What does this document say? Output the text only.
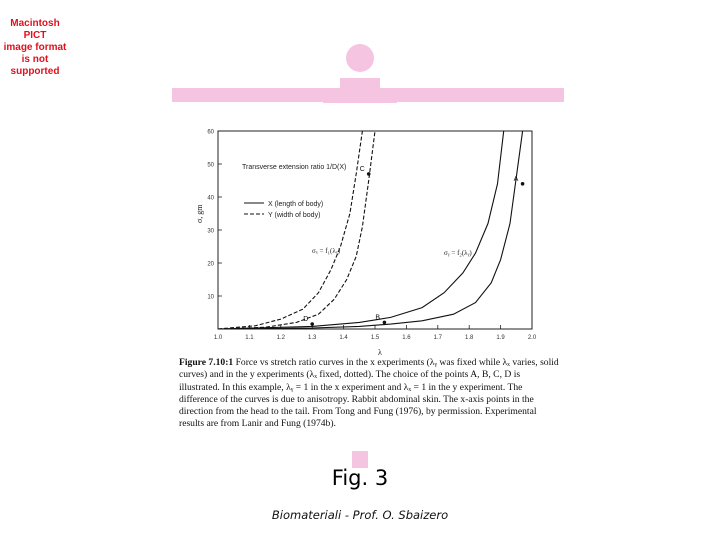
Macintosh PICT
image format
is not supported
10
20
30
40
50
60
1.0	1.1	1.2	1.3	1.4	1.5	1.6	1.7	1.8	1.9	2.0
A
B
C
D
Transverse extension ratio 1/D(X)
X (length of body)
Y (width of body)
σₓ = f₁(λₓ)	σᵧ = f₂(λᵧ)
σ, gm
λ
Figure 7.10:1 Force vs stretch ratio curves in the x experiments (λᵧ was fixed while λₓ varies, solid curves) and in the y experiments (λₓ fixed, dotted). The choice of the points A, B, C, D is illustrated. In this example, λᵧ = 1 in the x experiment and λₓ = 1 in the y experiment. The difference of the curves is due to anisotropy. Rabbit abdominal skin. The x-axis points in the direction from the head to the tail. From Tong and Fung (1976), by permission. Experimental results are from Lanir and Fung (1974b).
Fig. 3
Biomateriali - Prof. O. Sbaizero
